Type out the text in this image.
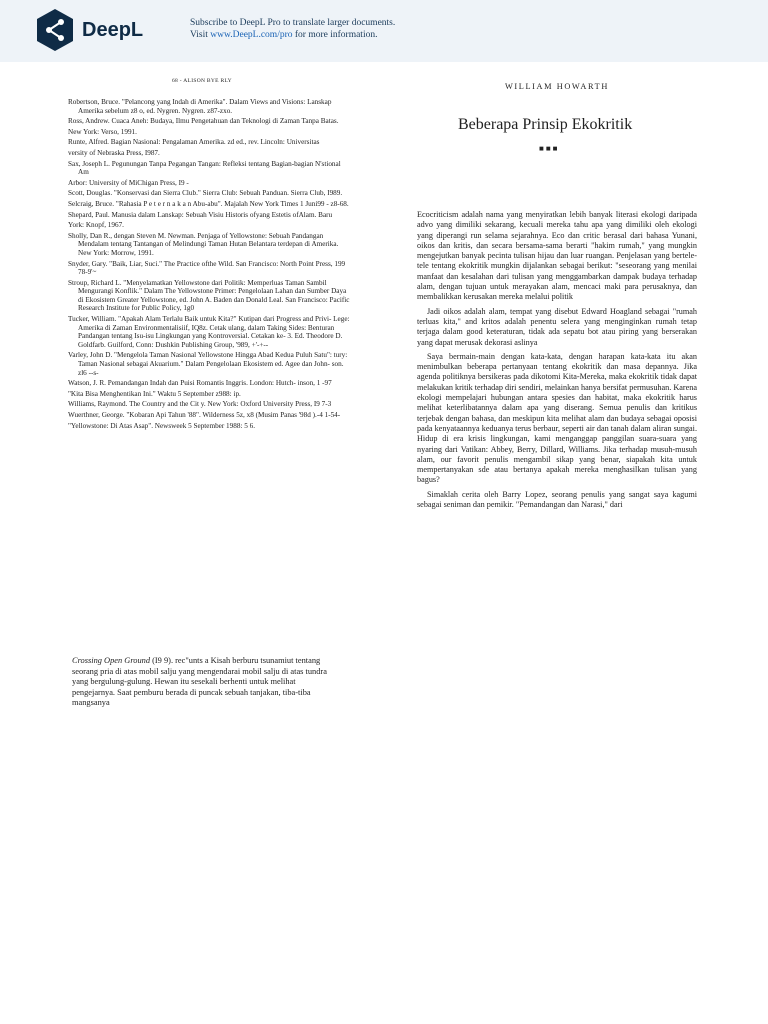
DeepL	Subscribe to DeepL Pro to translate larger documents.
Visit www.DeepL.com/pro for more information.
68 - ALISON BYE RLY

Robertson, Bruce. "Pelancong yang Indah di Amerika". Dalam Views and Visions: Lanskap Amerika sebelum z8 o, ed. Nygren. Nygren. z87-zxo.

Ross, Andrew. Cuaca Aneh: Budaya, Ilmu Pengetahuan dan Teknologi di Zaman Tanpa Batas.

New York: Verso, 1991.

Runte, Alfred. Bagian Nasional: Pengalaman Amerika. zd ed., rev. Lincoln: Universitas

versity of Nebraska Press, I987.

Sax, Joseph L. Pegunungan Tanpa Pegangan Tangan: Refleksi tentang Bagian-bagian N'stional Am

Arbor: University of MiChigan Press, I9 -

Scott, Douglas. "Konservasi dan Sierra Club." Sierra Club: Sebuah Panduan. Sierra Club, I989.

Selcraig, Bruce. "Rahasia P e t e r n a k a n Abu-abu". Majalah New York Times 1 Juni99 - z8-68.

Shepard, Paul. Manusia dalam Lanskap: Sebuah Visiu Historis ofyang Estetis ofAlam. Baru

York: Knopf, 1967.

Sholly, Dan R., dengan Steven M. Newman. Penjaga of Yellowstone: Sebuah Pandangan Mendalam tentang Tantangan of Melindungi Taman Hutan Belantara terdepan di Amerika. New York: Morrow, 1991.

Snyder, Gary. "Baik, Liar, Suci." The Practice ofthe Wild. San Francisco: North Point Press, 199 78-9'~

Stroup, Richard L. "Menyelamatkan Yellowstone dari Politik: Memperluas Taman Sambil Mengurangi Konflik." Dalam The Yellowstone Primer: Pengelolaan Lahan dan Sumber Daya di Ekosistem Greater Yellowstone, ed. John A. Baden dan Donald Leal. San Francisco: Pacific Research Institute for Public Policy, 1g0

Tucker, William. "Apakah Alam Terlalu Baik untuk Kita?" Kutipan dari Progress and Privi- Lege: Amerika di Zaman Environmentalisiif, IQ8z. Cetak ulang, dalam Taking Sides: Benturan Pandangan tentang Isu-isu Lingkungan yang Kontroversial. Cetakan ke- 3. Ed. Theodore D. Goldfarb. Guilford, Conn: Dushkin Publishing Group, '989, +'-+--

Varley, John D. "Mengelola Taman Nasional Yellowstone Hingga Abad Kedua Puluh Satu": tury: Taman Nasional sebagai Akuarium." Dalam Pengelolaan Ekosistem ed. Agee dan John- son. zl6 --s-

Watson, J. R. Pemandangan Indah dan Puisi Romantis Inggris. London: Hutch- inson, 1 -97

"Kita Bisa Menghentikan Ini." Waktu 5 September z988: ip.

Williams, Raymond. The Country and the Cit y. New York: Oxford University Press, I9 7-3

Wuerthner, George. "Kobaran Api Tahun '88". Wilderness 5z, x8 (Musim Panas '98d ).-4 1-54-

"Yellowstone: Di Atas Asap". Newsweek 5 September 1988: 5 6.

Crossing Open Ground (I9 9). rec"unts a Kisah berburu tsunamiut tentang seorang pria di atas mobil salju yang mengendarai mobil salju di atas tundra yang bergulung-gulung. Hewan itu sesekali berhenti untuk melihat pengejarnya. Saat pemburu berada di puncak sebuah tanjakan, tiba-tiba mangsanya
WILLIAM HOWARTH
Beberapa Prinsip Ekokritik
■■■

Ecocriticism adalah nama yang menyiratkan lebih banyak literasi ekologi daripada advo yang dimiliki sekarang, kecuali mereka tahu apa yang dimiliki oleh ekologi yang diperangi run selama sejarahnya. Eco dan critic berasal dari bahasa Yunani, oikos dan kritis, dan secara bersama-sama berarti "hakim rumah," yang mungkin mengejutkan banyak pecinta tulisan hijau dan luar ruangan. Penjelasan yang bertele-tele tentang ekokritik mungkin dijalankan sebagai berikut: "seseorang yang menilai manfaat dan kesalahan dari tulisan yang menggambarkan dampak budaya terhadap alam, dengan tujuan untuk merayakan alam, mencaci maki para perusaknya, dan membalikkan kerusakan mereka melalui politik

Jadi oikos adalah alam, tempat yang disebut Edward Hoagland sebagai "rumah terluas kita," and kritos adalah penentu selera yang menginginkan rumah tetap terjaga dalam good keteraturan, tidak ada sepatu bot atau piring yang berserakan yang dapat merusak dekorasi aslinya

Saya bermain-main dengan kata-kata, dengan harapan kata-kata itu akan menimbulkan beberapa pertanyaan tentang ekokritik dan masa depannya. Jika agenda politiknya bersikeras pada dikotomi Kita-Mereka, maka ekokritik tidak dapat melakukan kritik terhadap diri sendiri, melainkan hanya bersifat permusuhan. Karena ekologi mempelajari hubungan antara spesies dan habitat, maka ekokritik harus melihat keterlibatannya dalam apa yang diserang. Semua penulis dan kritikus terjebak dengan bahasa, dan meskipun kita melihat alam dan budaya sebagai oposisi pada kenyataannya keduanya terus berbaur, seperti air dan tanah dalam aliran sungai. Hidup di era krisis lingkungan, kami menganggap panggilan suara-suara yang nyaring dari Vatikan: Abbey, Berry, Dillard, Williams. Jika terhadap musuh-musuh alam, our favorit penulis mengambil sikap yang benar, siapakah kita untuk mempertanyakan sde atau bertanya apakah mereka menghasilkan tulisan yang bagus?

Simaklah cerita oleh Barry Lopez, seorang penulis yang sangat saya kagumi sebagai seniman dan pemikir. "Pemandangan dan Narasi," dari
